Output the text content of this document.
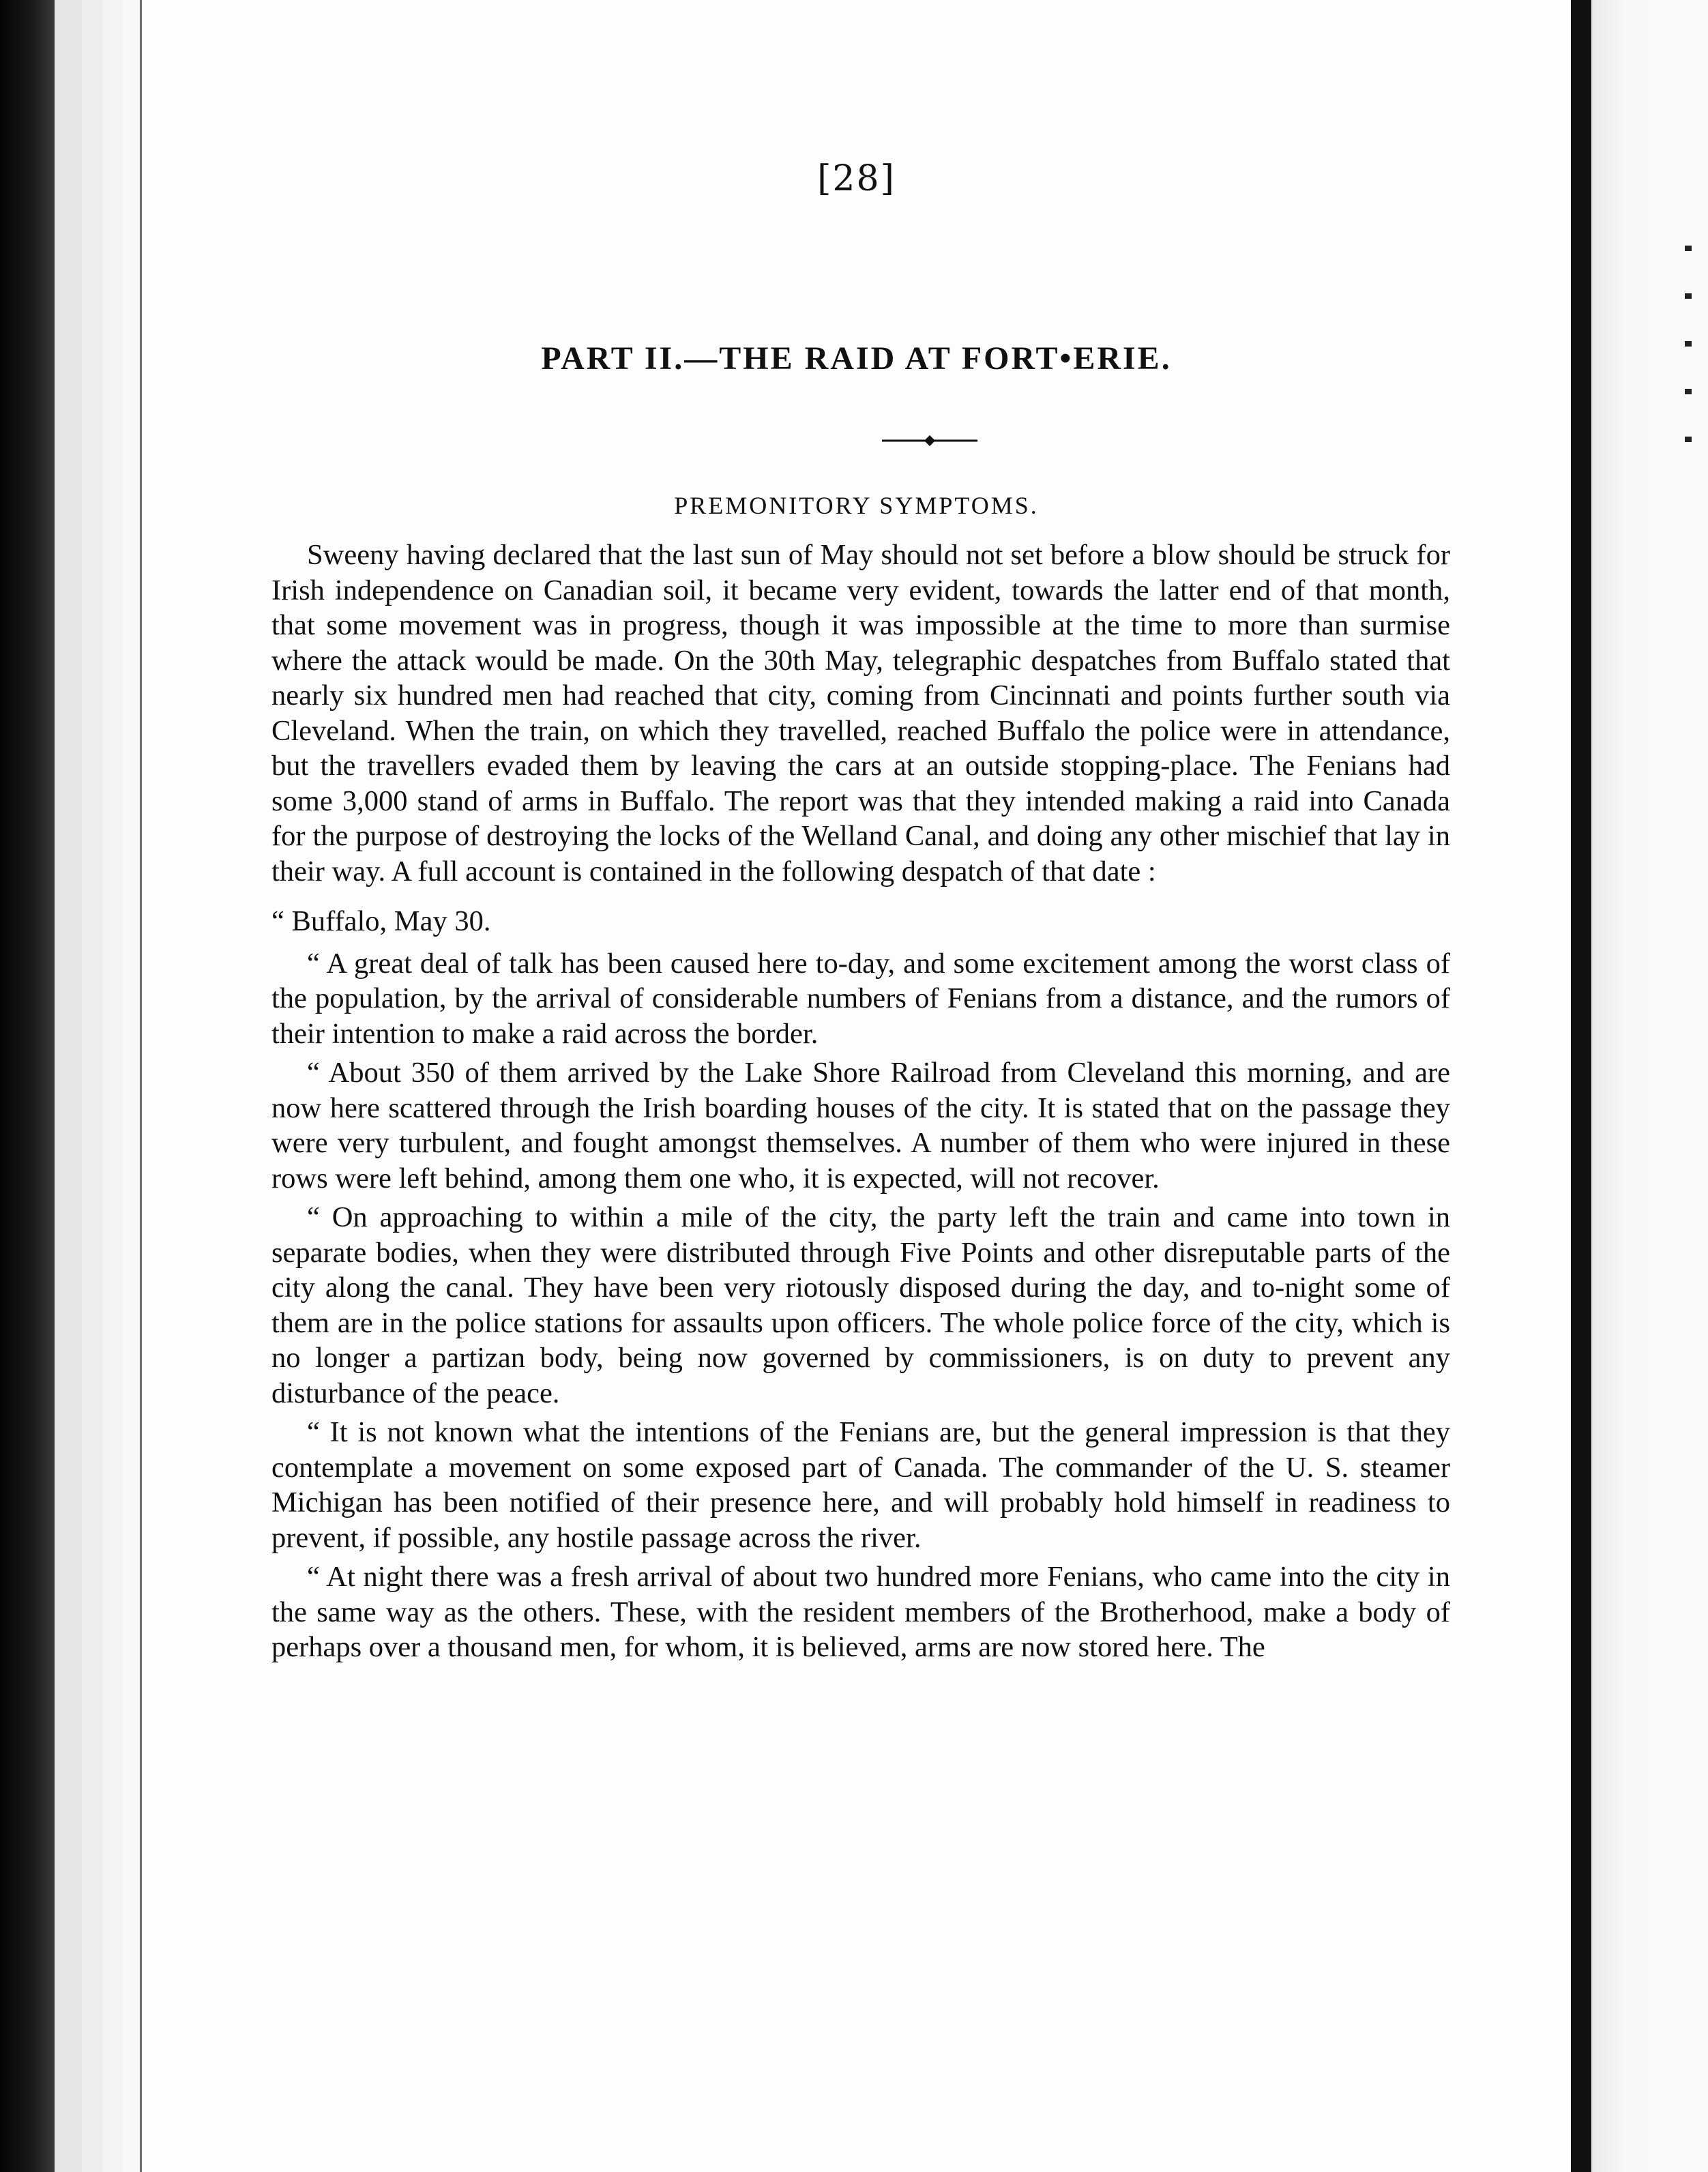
[28]
PART II.—THE RAID AT FORT•ERIE.
PREMONITORY SYMPTOMS.

Sweeny having declared that the last sun of May should not set before a blow should be struck for Irish independence on Canadian soil, it became very evident, towards the latter end of that month, that some movement was in progress, though it was impossible at the time to more than surmise where the attack would be made. On the 30th May, telegraphic despatches from Buffalo stated that nearly six hundred men had reached that city, coming from Cincinnati and points further south via Cleveland. When the train, on which they travelled, reached Buffalo the police were in attendance, but the travellers evaded them by leaving the cars at an outside stopping-place. The Fenians had some 3,000 stand of arms in Buffalo. The report was that they intended making a raid into Canada for the purpose of destroying the locks of the Welland Canal, and doing any other mischief that lay in their way. A full account is contained in the following despatch of that date :

“ Buffalo, May 30.

“ A great deal of talk has been caused here to-day, and some excitement among the worst class of the population, by the arrival of considerable numbers of Fenians from a distance, and the rumors of their intention to make a raid across the border.

“ About 350 of them arrived by the Lake Shore Railroad from Cleveland this morning, and are now here scattered through the Irish boarding houses of the city. It is stated that on the passage they were very turbulent, and fought amongst themselves. A number of them who were injured in these rows were left behind, among them one who, it is expected, will not recover.

“ On approaching to within a mile of the city, the party left the train and came into town in separate bodies, when they were distributed through Five Points and other disreputable parts of the city along the canal. They have been very riotously disposed during the day, and to-night some of them are in the police stations for assaults upon officers. The whole police force of the city, which is no longer a partizan body, being now governed by commissioners, is on duty to prevent any disturbance of the peace.

“ It is not known what the intentions of the Fenians are, but the general impression is that they contemplate a movement on some exposed part of Canada. The commander of the U. S. steamer Michigan has been notified of their presence here, and will probably hold himself in readiness to prevent, if possible, any hostile passage across the river.

“ At night there was a fresh arrival of about two hundred more Fenians, who came into the city in the same way as the others. These, with the resident members of the Brotherhood, make a body of perhaps over a thousand men, for whom, it is believed, arms are now stored here. The
